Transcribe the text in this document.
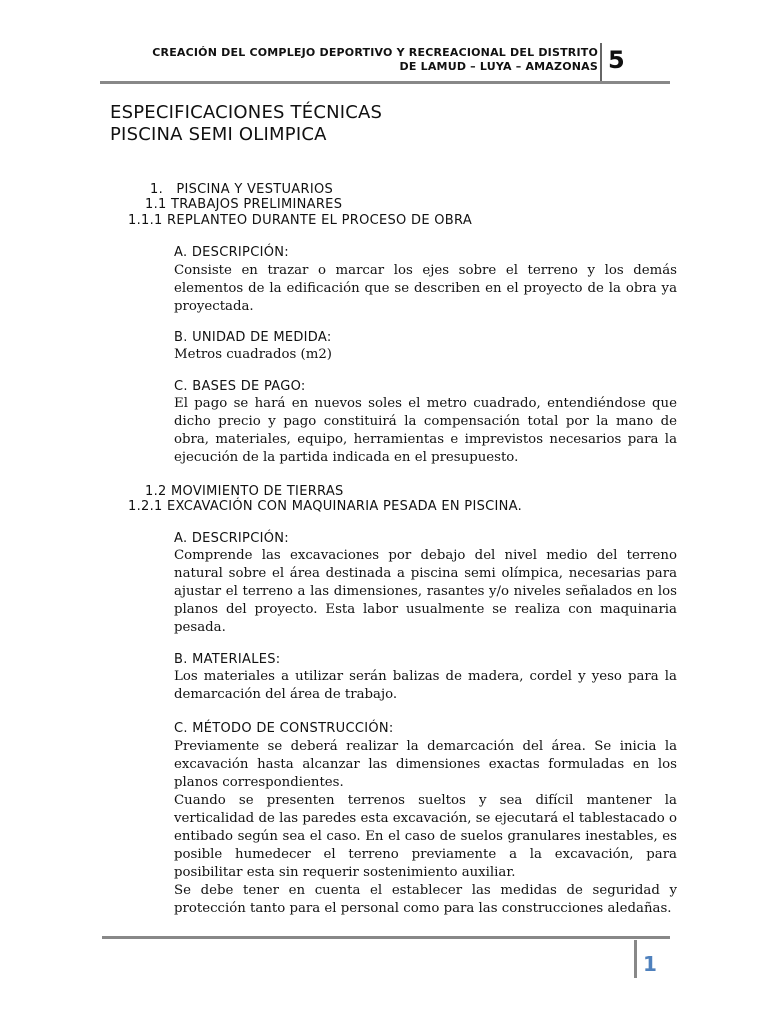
CREACIÓN DEL COMPLEJO DEPORTIVO Y RECREACIONAL DEL DISTRITO
DE LAMUD – LUYA – AMAZONAS 5
ESPECIFICACIONES TÉCNICAS
PISCINA SEMI OLIMPICA
1. PISCINA Y VESTUARIOS
1.1 TRABAJOS PRELIMINARES
1.1.1 REPLANTEO DURANTE EL PROCESO DE OBRA
A. DESCRIPCIÓN:

Consiste en trazar o marcar los ejes sobre el terreno y los demás elementos de la edificación que se describen en el proyecto de la obra ya proyectada.

B. UNIDAD DE MEDIDA:

Metros cuadrados (m2)

C. BASES DE PAGO:

El pago se hará en nuevos soles el metro cuadrado, entendiéndose que dicho precio y pago constituirá la compensación total por la mano de obra, materiales, equipo, herramientas e imprevistos necesarios para la ejecución de la partida indicada en el presupuesto.

1.2 MOVIMIENTO DE TIERRAS
1.2.1 EXCAVACIÓN CON MAQUINARIA PESADA EN PISCINA.
A. DESCRIPCIÓN:

Comprende las excavaciones por debajo del nivel medio del terreno natural sobre el área destinada a piscina semi olímpica, necesarias para ajustar el terreno a las dimensiones, rasantes y/o niveles señalados en los planos del proyecto. Esta labor usualmente se realiza con maquinaria pesada.

B. MATERIALES:

Los materiales a utilizar serán balizas de madera, cordel y yeso para la demarcación del área de trabajo.

C. MÉTODO DE CONSTRUCCIÓN:

Previamente se deberá realizar la demarcación del área. Se inicia la excavación hasta alcanzar las dimensiones exactas formuladas en los planos correspondientes.

Cuando se presenten terrenos sueltos y sea difícil mantener la verticalidad de las paredes esta excavación, se ejecutará el tablestacado o entibado según sea el caso. En el caso de suelos granulares inestables, es posible humedecer el terreno previamente a la excavación, para posibilitar esta sin requerir sostenimiento auxiliar.

Se debe tener en cuenta el establecer las medidas de seguridad y protección tanto para el personal como para las construcciones aledañas.

1
